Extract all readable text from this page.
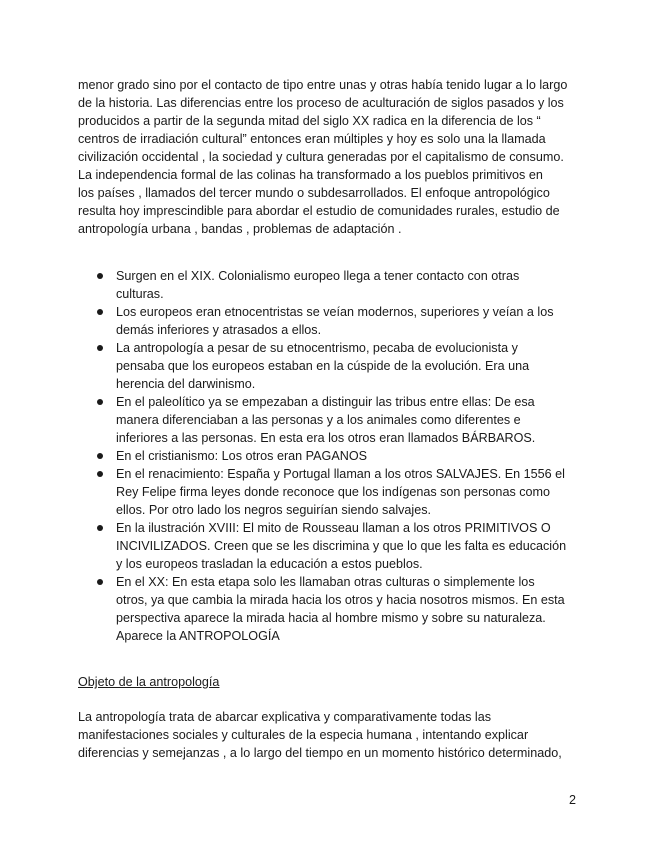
menor grado sino por el contacto de tipo entre unas y otras había tenido lugar a lo largo
de la historia. Las diferencias entre los proceso de aculturación de siglos pasados y los
producidos a partir de la segunda mitad del siglo XX radica en la diferencia de los “
centros de irradiación cultural” entonces eran múltiples y hoy es solo una la llamada
civilización occidental , la sociedad y cultura generadas por el capitalismo de consumo.
La independencia formal de las colinas ha transformado a los pueblos primitivos en
los países , llamados del tercer mundo o subdesarrollados. El enfoque antropológico
resulta hoy imprescindible para abordar el estudio de comunidades rurales, estudio de
antropología urbana , bandas , problemas de adaptación .

Surgen en el XIX. Colonialismo europeo llega a tener contacto con otras
culturas.
Los europeos eran etnocentristas se veían modernos, superiores y veían a los
demás inferiores y atrasados a ellos.
La antropología a pesar de su etnocentrismo, pecaba de evolucionista y
pensaba que los europeos estaban en la cúspide de la evolución. Era una
herencia del darwinismo.
En el paleolítico ya se empezaban a distinguir las tribus entre ellas: De esa
manera diferenciaban a las personas y a los animales como diferentes e
inferiores a las personas. En esta era los otros eran llamados BÁRBAROS.
En el cristianismo: Los otros eran PAGANOS
En el renacimiento: España y Portugal llaman a los otros SALVAJES. En 1556 el
Rey Felipe firma leyes donde reconoce que los indígenas son personas como
ellos. Por otro lado los negros seguirían siendo salvajes.
En la ilustración XVIII: El mito de Rousseau llaman a los otros PRIMITIVOS O
INCIVILIZADOS. Creen que se les discrimina y que lo que les falta es educación
y los europeos trasladan la educación a estos pueblos.
En el XX: En esta etapa solo les llamaban otras culturas o simplemente los
otros, ya que cambia la mirada hacia los otros y hacia nosotros mismos. En esta
perspectiva aparece la mirada hacia al hombre mismo y sobre su naturaleza.
Aparece la ANTROPOLOGÍA

Objeto de la antropología

La antropología trata de abarcar explicativa y comparativamente todas las
manifestaciones sociales y culturales de la especia humana , intentando explicar
diferencias y semejanzas , a lo largo del tiempo en un momento histórico determinado,

2
